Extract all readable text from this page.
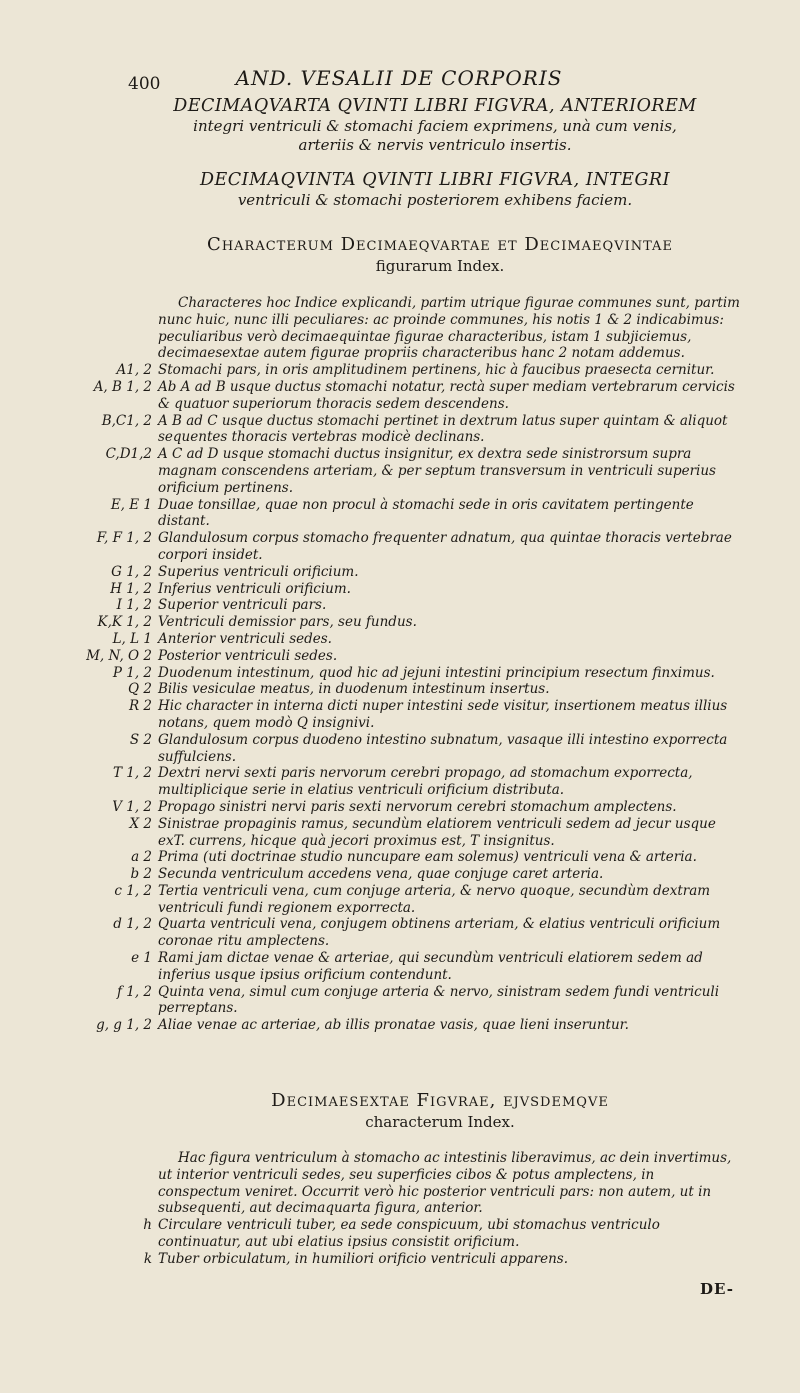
400	AND. VESALII DE CORPORIS
DECIMAQVARTA QVINTI LIBRI FIGVRA, ANTERIOREM
integri ventriculi & stomachi faciem exprimens, unà cum venis,
arteriis & nervis ventriculo insertis.
DECIMAQVINTA QVINTI LIBRI FIGVRA, INTEGRI
ventriculi & stomachi posteriorem exhibens faciem.
Characterum Decimaeqvartae et Decimaeqvintae
figurarum Index.
Characteres hoc Indice explicandi, partim utrique figurae communes sunt, partim nunc huic, nunc illi peculiares: ac proinde communes, his notis 1 & 2 indicabimus: peculiaribus verò decimaequintae figurae characteribus, istam 1 subjiciemus, decimaesextae autem figurae propriis characteribus hanc 2 notam addemus.
A1, 2 Stomachi pars, in oris amplitudinem pertinens, hic à faucibus praesecta cernitur.
A, B 1, 2 Ab A ad B usque ductus stomachi notatur, rectà super mediam vertebrarum cervicis & quatuor superiorum thoracis sedem descendens.
B,C1, 2 A B ad C usque ductus stomachi pertinet in dextrum latus super quintam & aliquot sequentes thoracis vertebras modicè declinans.
C,D1,2 A C ad D usque stomachi ductus insignitur, ex dextra sede sinistrorsum supra magnam conscendens arteriam, & per septum transversum in ventriculi superius orificium pertinens.
E, E 1 Duae tonsillae, quae non procul à stomachi sede in oris cavitatem pertingente distant.
F, F 1, 2 Glandulosum corpus stomacho frequenter adnatum, qua quintae thoracis vertebrae corpori insidet.
G 1, 2 Superius ventriculi orificium.
H 1, 2 Inferius ventriculi orificium.
I 1, 2 Superior ventriculi pars.
K,K 1, 2 Ventriculi demissior pars, seu fundus.
L, L 1 Anterior ventriculi sedes.
M, N, O 2 Posterior ventriculi sedes.
P 1, 2 Duodenum intestinum, quod hic ad jejuni intestini principium resectum finximus.
Q 2 Bilis vesiculae meatus, in duodenum intestinum insertus.
R 2 Hic character in interna dicti nuper intestini sede visitur, insertionem meatus illius notans, quem modò Q insignivi.
S 2 Glandulosum corpus duodeno intestino subnatum, vasaque illi intestino exporrecta suffulciens.
T 1, 2 Dextri nervi sexti paris nervorum cerebri propago, ad stomachum exporrecta, multiplicique serie in elatius ventriculi orificium distributa.
V 1, 2 Propago sinistri nervi paris sexti nervorum cerebri stomachum amplectens.
X 2 Sinistrae propaginis ramus, secundùm elatiorem ventriculi sedem ad jecur usque exT. currens, hicque quà jecori proximus est, T insignitus.
a 2 Prima (uti doctrinae studio nuncupare eam solemus) ventriculi vena & arteria.
b 2 Secunda ventriculum accedens vena, quae conjuge caret arteria.
c 1, 2 Tertia ventriculi vena, cum conjuge arteria, & nervo quoque, secundùm dextram ventriculi fundi regionem exporrecta.
d 1, 2 Quarta ventriculi vena, conjugem obtinens arteriam, & elatius ventriculi orificium coronae ritu amplectens.
e 1 Rami jam dictae venae & arteriae, qui secundùm ventriculi elatiorem sedem ad inferius usque ipsius orificium contendunt.
f 1, 2 Quinta vena, simul cum conjuge arteria & nervo, sinistram sedem fundi ventriculi perreptans.
g, g 1, 2 Aliae venae ac arteriae, ab illis pronatae vasis, quae lieni inseruntur.
Decimaesextae Figvrae, ejvsdemqve
characterum Index.
Hac figura ventriculum à stomacho ac intestinis liberavimus, ac dein invertimus, ut interior ventriculi sedes, seu superficies cibos & potus amplectens, in conspectum veniret. Occurrit verò hic posterior ventriculi pars: non autem, ut in subsequenti, aut decimaquarta figura, anterior.
h Circulare ventriculi tuber, ea sede conspicuum, ubi stomachus ventriculo continuatur, aut ubi elatius ipsius consistit orificium.
k Tuber orbiculatum, in humiliori orificio ventriculi apparens.
DE-
